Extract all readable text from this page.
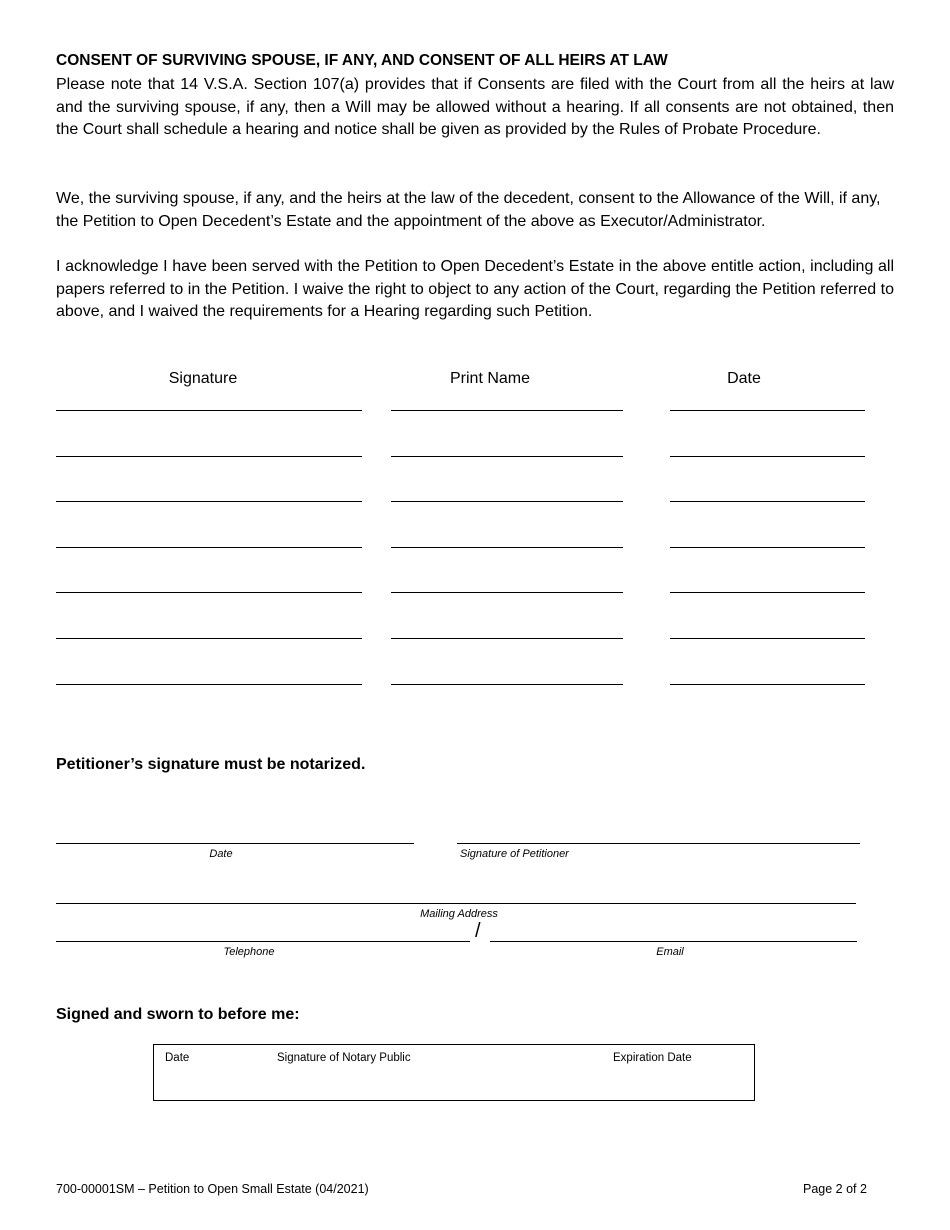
CONSENT OF SURVIVING SPOUSE, IF ANY, AND CONSENT OF ALL HEIRS AT LAW

Please note that 14 V.S.A. Section 107(a) provides that if Consents are filed with the Court from all the heirs at law and the surviving spouse, if any, then a Will may be allowed without a hearing. If all consents are not obtained, then the Court shall schedule a hearing and notice shall be given as provided by the Rules of Probate Procedure.

We, the surviving spouse, if any, and the heirs at the law of the decedent, consent to the Allowance of the Will, if any, the Petition to Open Decedent’s Estate and the appointment of the above as Executor/Administrator.

I acknowledge I have been served with the Petition to Open Decedent’s Estate in the above entitle action, including all papers referred to in the Petition. I waive the right to object to any action of the Court, regarding the Petition referred to above, and I waived the requirements for a Hearing regarding such Petition.

Signature	Print Name	Date

Petitioner’s signature must be notarized.

Date	Signature of Petitioner
Mailing Address
/
Telephone	Email

Signed and sworn to before me:

Date	Signature of Notary Public	Expiration Date
700-00001SM – Petition to Open Small Estate (04/2021)	Page 2 of 2
